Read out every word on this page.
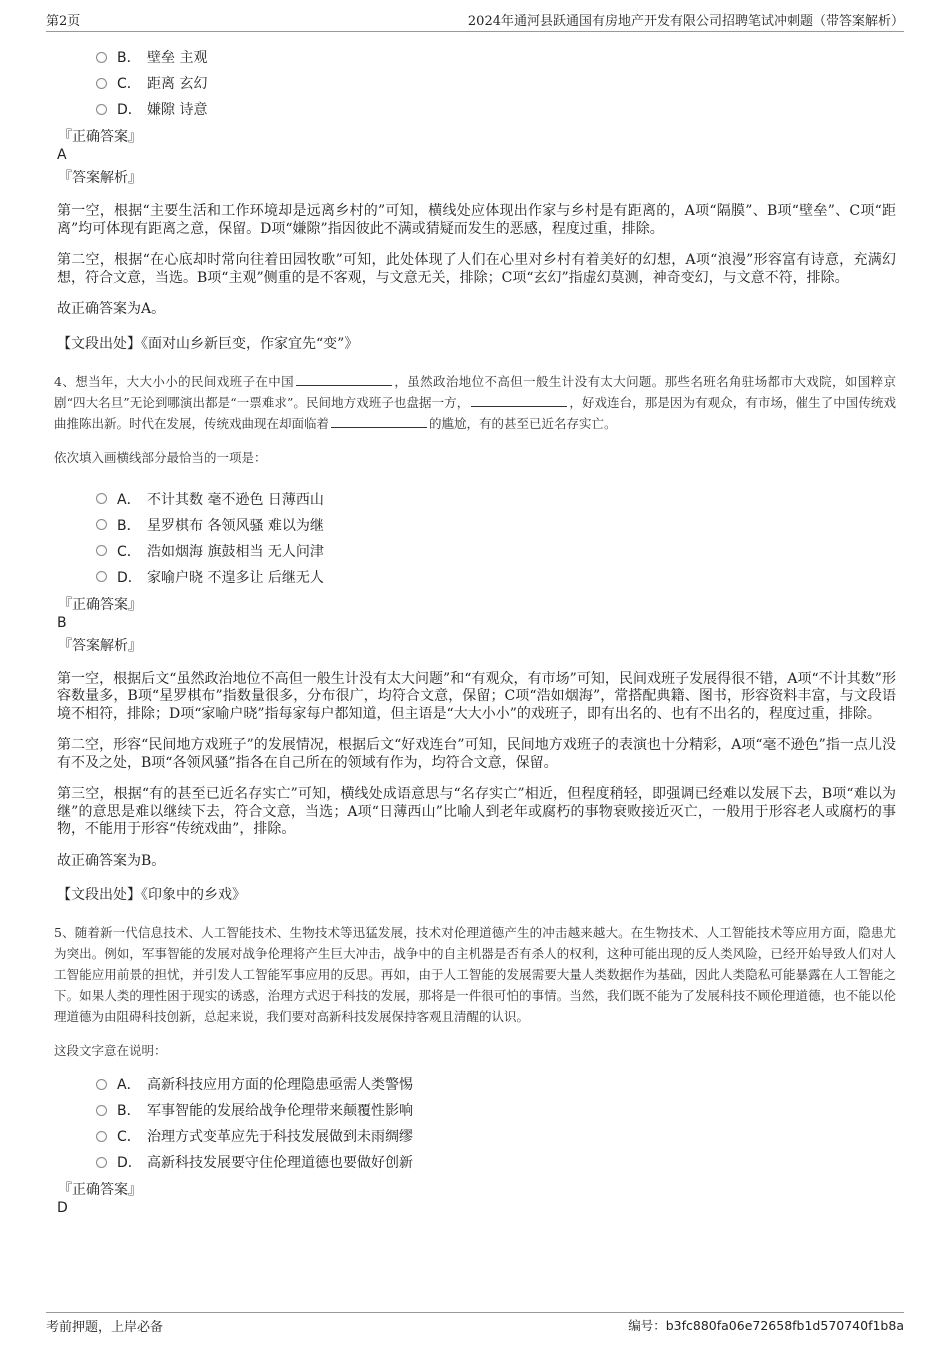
第2页	2024年通河县跃通国有房地产开发有限公司招聘笔试冲刺题（带答案解析）
B． 壁垒 主观
C． 距离 玄幻
D． 嫌隙 诗意
『正确答案』
A
『答案解析』
第一空，根据“主要生活和工作环境却是远离乡村的”可知，横线处应体现出作家与乡村是有距离的，A项“隔膜”、B项“壁垒”、C项“距离”均可体现有距离之意，保留。D项“嫌隙”指因彼此不满或猜疑而发生的恶感，程度过重，排除。
第二空，根据“在心底却时常向往着田园牧歌”可知，此处体现了人们在心里对乡村有着美好的幻想，A项“浪漫”形容富有诗意，充满幻想，符合文意，当选。B项“主观”侧重的是不客观，与文意无关，排除；C项“玄幻”指虚幻莫测，神奇变幻，与文意不符，排除。
故正确答案为A。
【文段出处】《面对山乡新巨变，作家宜先“变”》
4、想当年，大大小小的民间戏班子在中国	，虽然政治地位不高但一般生计没有太大问题。那些名班名角驻场都市大戏院，如国粹京剧“四大名旦”无论到哪演出都是“一票难求”。民间地方戏班子也盘据一方，	，好戏连台，那是因为有观众，有市场，催生了中国传统戏曲推陈出新。时代在发展，传统戏曲现在却面临着	的尴尬，有的甚至已近名存实亡。
依次填入画横线部分最恰当的一项是：
A． 不计其数 毫不逊色 日薄西山
B． 星罗棋布 各领风骚 难以为继
C． 浩如烟海 旗鼓相当 无人问津
D． 家喻户晓 不遑多让 后继无人
『正确答案』
B
『答案解析』
第一空，根据后文“虽然政治地位不高但一般生计没有太大问题”和“有观众，有市场”可知，民间戏班子发展得很不错，A项“不计其数”形容数量多，B项“星罗棋布”指数量很多，分布很广，均符合文意，保留；C项“浩如烟海”，常搭配典籍、图书，形容资料丰富，与文段语境不相符，排除；D项“家喻户晓”指每家每户都知道，但主语是“大大小小”的戏班子，即有出名的、也有不出名的，程度过重，排除。
第二空，形容“民间地方戏班子”的发展情况，根据后文“好戏连台”可知，民间地方戏班子的表演也十分精彩，A项“毫不逊色”指一点儿没有不及之处，B项“各领风骚”指各在自己所在的领域有作为，均符合文意，保留。
第三空，根据“有的甚至已近名存实亡”可知，横线处成语意思与“名存实亡”相近，但程度稍轻，即强调已经难以发展下去，B项“难以为继”的意思是难以继续下去，符合文意，当选；A项“日薄西山”比喻人到老年或腐朽的事物衰败接近灭亡，一般用于形容老人或腐朽的事物，不能用于形容“传统戏曲”，排除。
故正确答案为B。
【文段出处】《印象中的乡戏》
5、随着新一代信息技术、人工智能技术、生物技术等迅猛发展，技术对伦理道德产生的冲击越来越大。在生物技术、人工智能技术等应用方面，隐患尤为突出。例如，军事智能的发展对战争伦理将产生巨大冲击，战争中的自主机器是否有杀人的权利，这种可能出现的反人类风险，已经开始导致人们对人工智能应用前景的担忧，并引发人工智能军事应用的反思。再如，由于人工智能的发展需要大量人类数据作为基础，因此人类隐私可能暴露在人工智能之下。如果人类的理性困于现实的诱惑，治理方式迟于科技的发展，那将是一件很可怕的事情。当然，我们既不能为了发展科技不顾伦理道德，也不能以伦理道德为由阻碍科技创新，总起来说，我们要对高新科技发展保持客观且清醒的认识。
这段文字意在说明：
A． 高新科技应用方面的伦理隐患亟需人类警惕
B． 军事智能的发展给战争伦理带来颠覆性影响
C． 治理方式变革应先于科技发展做到未雨绸缪
D． 高新科技发展要守住伦理道德也要做好创新
『正确答案』
D
考前押题，上岸必备	编号：b3fc880fa06e72658fb1d570740f1b8a
